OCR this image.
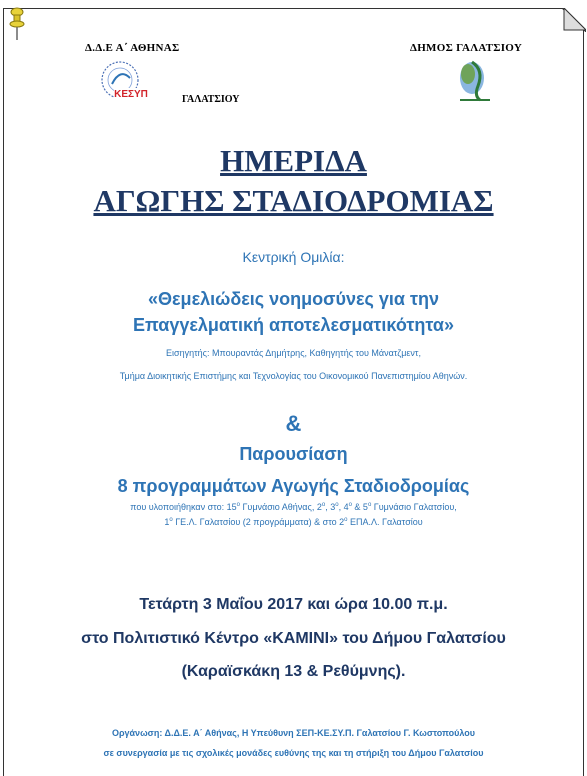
Δ.Δ.Ε Α΄ ΑΘΗΝΑΣ
ΚΕΣΥΠ	ΓΑΛΑΤΣΙΟΥ
ΔΗΜΟΣ ΓΑΛΑΤΣΙΟΥ
ΗΜΕΡΙΔΑ
ΑΓΩΓΗΣ ΣΤΑΔΙΟΔΡΟΜΙΑΣ
Κεντρική Ομιλία:
«Θεμελιώδεις νοημοσύνες για την
Επαγγελματική αποτελεσματικότητα»
Εισηγητής: Μπουραντάς Δημήτρης, Καθηγητής του Μάνατζμεντ,
Τμήμα Διοικητικής Επιστήμης και Τεχνολογίας του Οικονομικού Πανεπιστημίου Αθηνών.
&
Παρουσίαση
8 προγραμμάτων Αγωγής Σταδιοδρομίας
που υλοποιήθηκαν στο: $15^o$ Γυμνάσιο Αθήνας, $2^o$, $3^o$, $4^o$ & $5^o$ Γυμνάσιο Γαλατσίου,
$1^o$ ΓΕ.Λ. Γαλατσίου (2 προγράμματα) & στο $2^o$ ΕΠΑ.Λ. Γαλατσίου
Τετάρτη 3 Μαΐου 2017 και ώρα 10.00 π.μ.
στο Πολιτιστικό Κέντρο «ΚΑΜΙΝΙ» του Δήμου Γαλατσίου
(Καραϊσκάκη 13 & Ρεθύμνης).
Οργάνωση: Δ.Δ.Ε. Α΄ Αθήνας, Η Υπεύθυνη ΣΕΠ-ΚΕ.ΣΥ.Π. Γαλατσίου Γ. Κωστοπούλου
σε συνεργασία με τις σχολικές μονάδες ευθύνης της και τη στήριξη του Δήμου Γαλατσίου
